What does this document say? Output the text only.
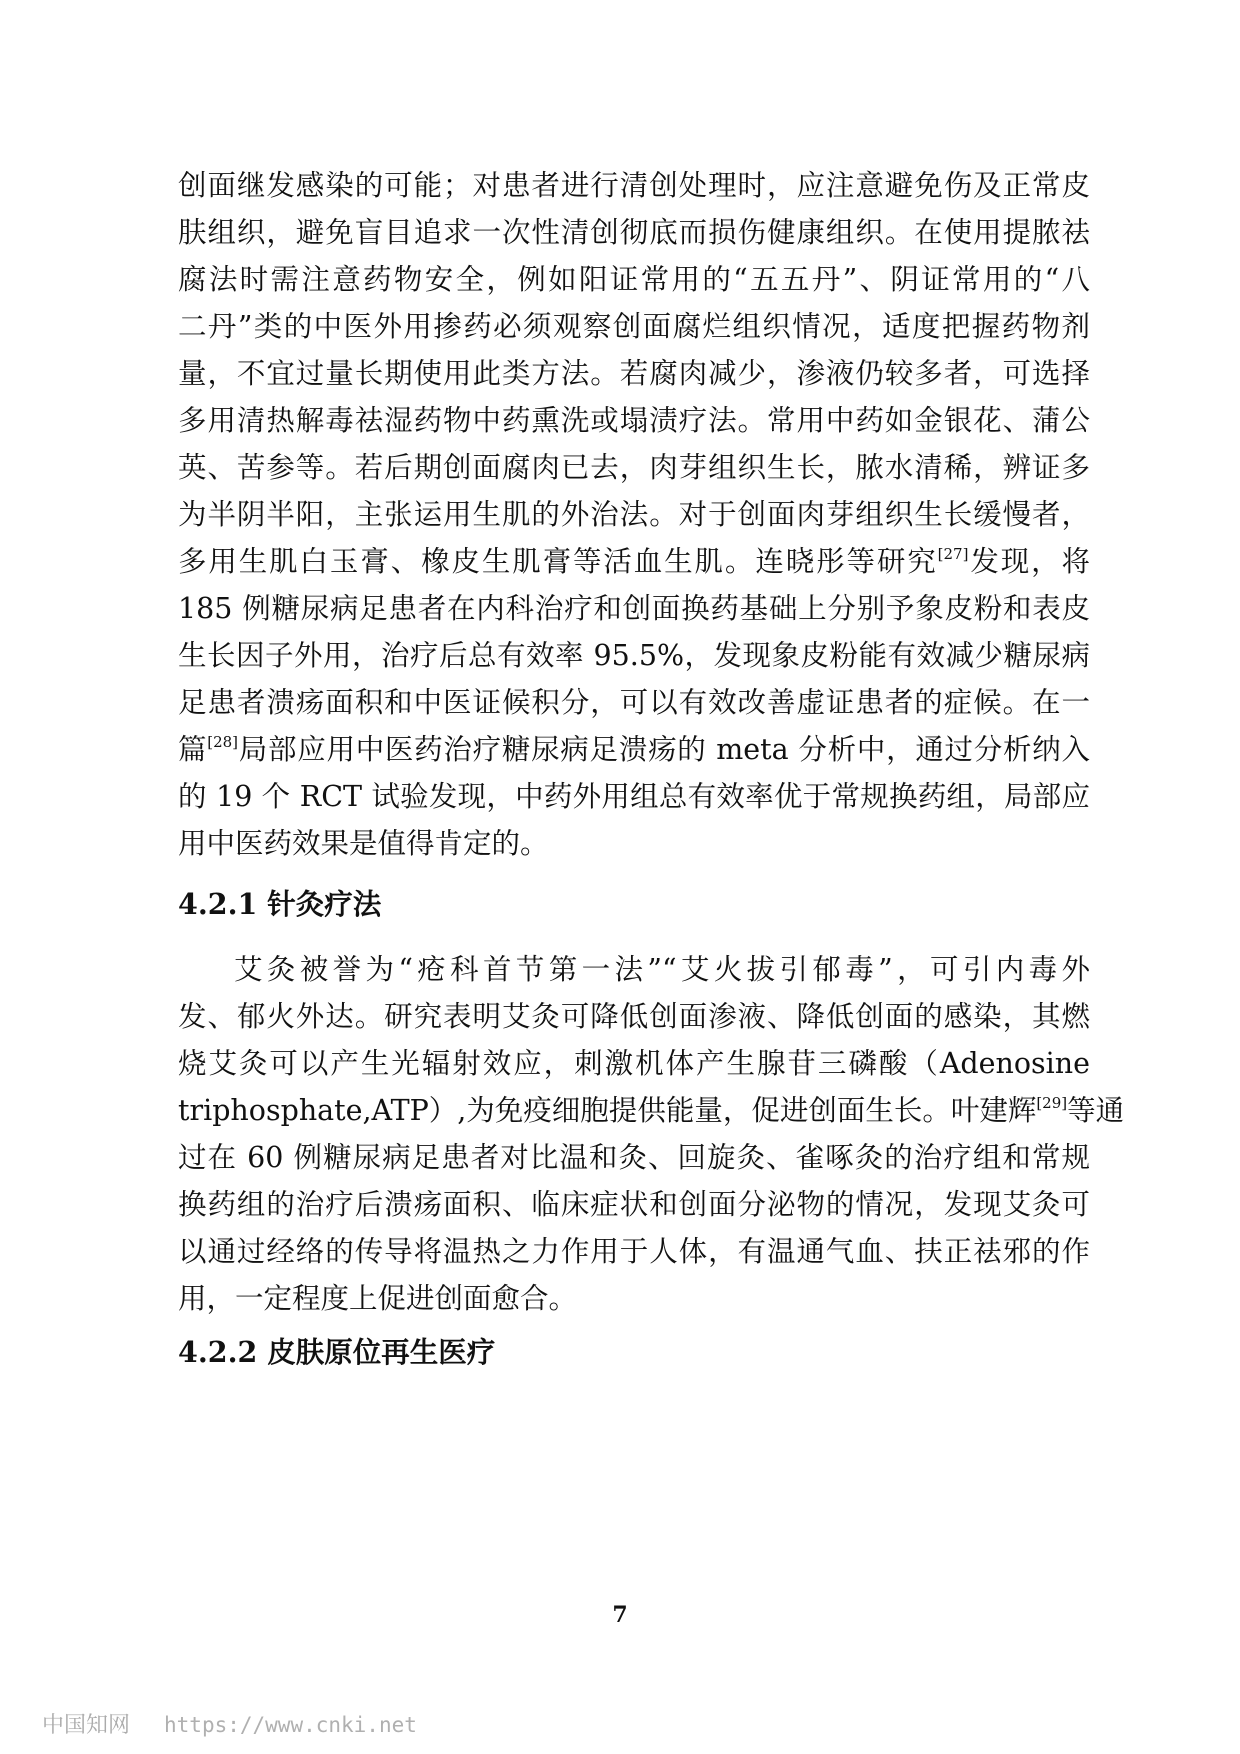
创面继发感染的可能；对患者进行清创处理时，应注意避免伤及正常皮
肤组织，避免盲目追求一次性清创彻底而损伤健康组织。在使用提脓祛
腐法时需注意药物安全，例如阳证常用的“五五丹”、阴证常用的“八
二丹”类的中医外用掺药必须观察创面腐烂组织情况，适度把握药物剂
量，不宜过量长期使用此类方法。若腐肉减少，渗液仍较多者，可选择
多用清热解毒祛湿药物中药熏洗或塌渍疗法。常用中药如金银花、蒲公
英、苦参等。若后期创面腐肉已去，肉芽组织生长，脓水清稀，辨证多
为半阴半阳，主张运用生肌的外治法。对于创面肉芽组织生长缓慢者，
多用生肌白玉膏、橡皮生肌膏等活血生肌。连晓彤等研究[27]发现，将
185 例糖尿病足患者在内科治疗和创面换药基础上分别予象皮粉和表皮
生长因子外用，治疗后总有效率 95.5%，发现象皮粉能有效减少糖尿病
足患者溃疡面积和中医证候积分，可以有效改善虚证患者的症候。在一
篇[28]局部应用中医药治疗糖尿病足溃疡的 meta 分析中，通过分析纳入
的 19 个 RCT 试验发现，中药外用组总有效率优于常规换药组，局部应
用中医药效果是值得肯定的。
4.2.1 针灸疗法
艾灸被誉为“疮科首节第一法”“艾火拔引郁毒”，可引内毒外
发、郁火外达。研究表明艾灸可降低创面渗液、降低创面的感染，其燃
烧艾灸可以产生光辐射效应，刺激机体产生腺苷三磷酸（Adenosine
triphosphate,ATP）,为免疫细胞提供能量，促进创面生长。叶建辉[29]等通
过在 60 例糖尿病足患者对比温和灸、回旋灸、雀啄灸的治疗组和常规
换药组的治疗后溃疡面积、临床症状和创面分泌物的情况，发现艾灸可
以通过经络的传导将温热之力作用于人体，有温通气血、扶正祛邪的作
用，一定程度上促进创面愈合。
4.2.2 皮肤原位再生医疗
7
中国知网 https://www.cnki.net
